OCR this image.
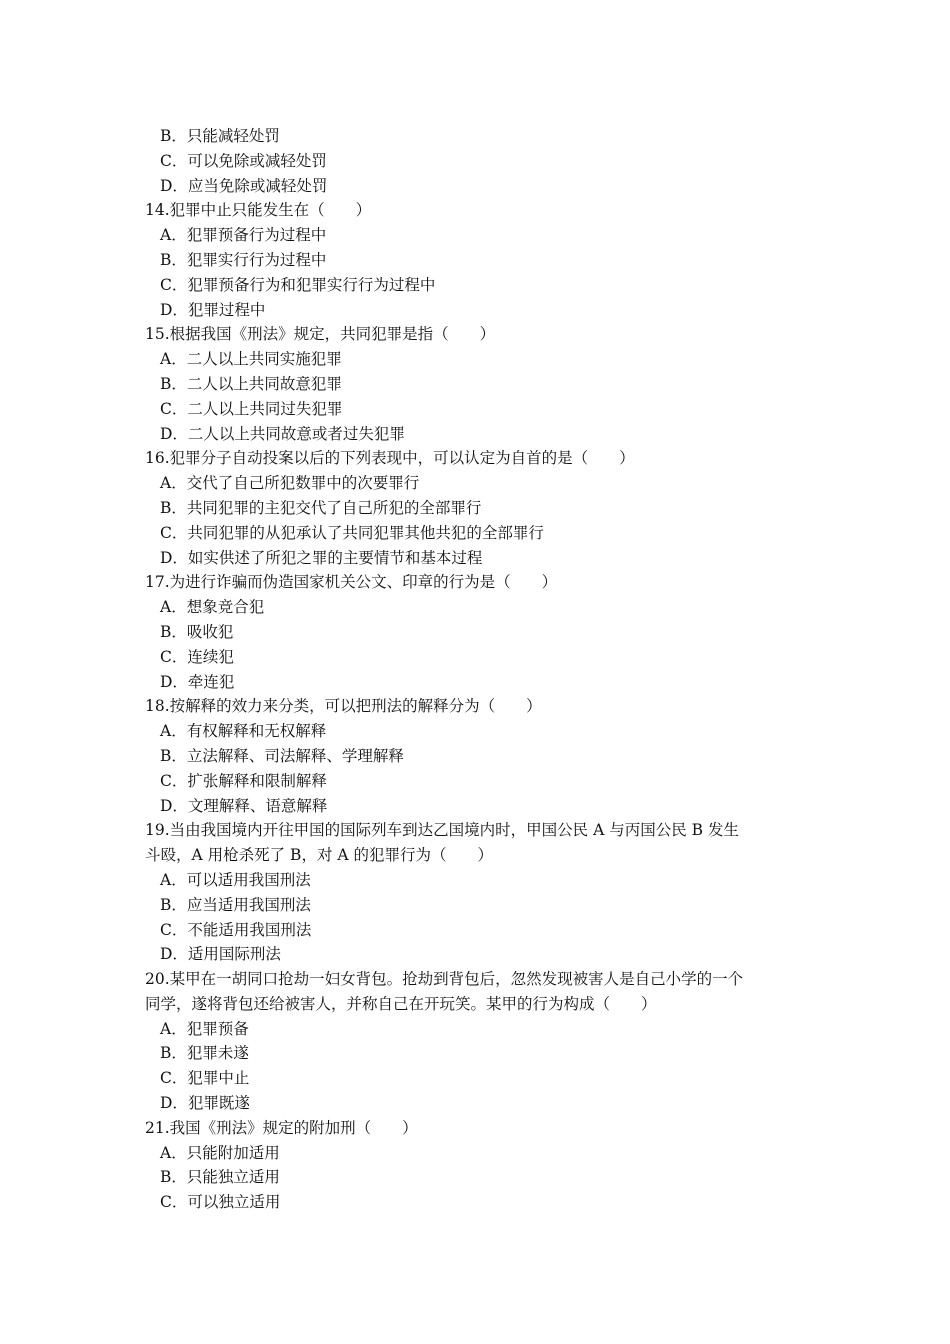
B．只能减轻处罚
C．可以免除或减轻处罚
D．应当免除或减轻处罚
14.犯罪中止只能发生在（　　）
A．犯罪预备行为过程中
B．犯罪实行行为过程中
C．犯罪预备行为和犯罪实行行为过程中
D．犯罪过程中
15.根据我国《刑法》规定，共同犯罪是指（　　）
A．二人以上共同实施犯罪
B．二人以上共同故意犯罪
C．二人以上共同过失犯罪
D．二人以上共同故意或者过失犯罪
16.犯罪分子自动投案以后的下列表现中，可以认定为自首的是（　　）
A．交代了自己所犯数罪中的次要罪行
B．共同犯罪的主犯交代了自己所犯的全部罪行
C．共同犯罪的从犯承认了共同犯罪其他共犯的全部罪行
D．如实供述了所犯之罪的主要情节和基本过程
17.为进行诈骗而伪造国家机关公文、印章的行为是（　　）
A．想象竞合犯
B．吸收犯
C．连续犯
D．牵连犯
18.按解释的效力来分类，可以把刑法的解释分为（　　）
A．有权解释和无权解释
B．立法解释、司法解释、学理解释
C．扩张解释和限制解释
D．文理解释、语意解释
19.当由我国境内开往甲国的国际列车到达乙国境内时，甲国公民 A 与丙国公民 B 发生
斗殴，A 用枪杀死了 B，对 A 的犯罪行为（　　）
A．可以适用我国刑法
B．应当适用我国刑法
C．不能适用我国刑法
D．适用国际刑法
20.某甲在一胡同口抢劫一妇女背包。抢劫到背包后，忽然发现被害人是自己小学的一个
同学，遂将背包还给被害人，并称自己在开玩笑。某甲的行为构成（　　）
A．犯罪预备
B．犯罪未遂
C．犯罪中止
D．犯罪既遂
21.我国《刑法》规定的附加刑（　　）
A．只能附加适用
B．只能独立适用
C．可以独立适用
